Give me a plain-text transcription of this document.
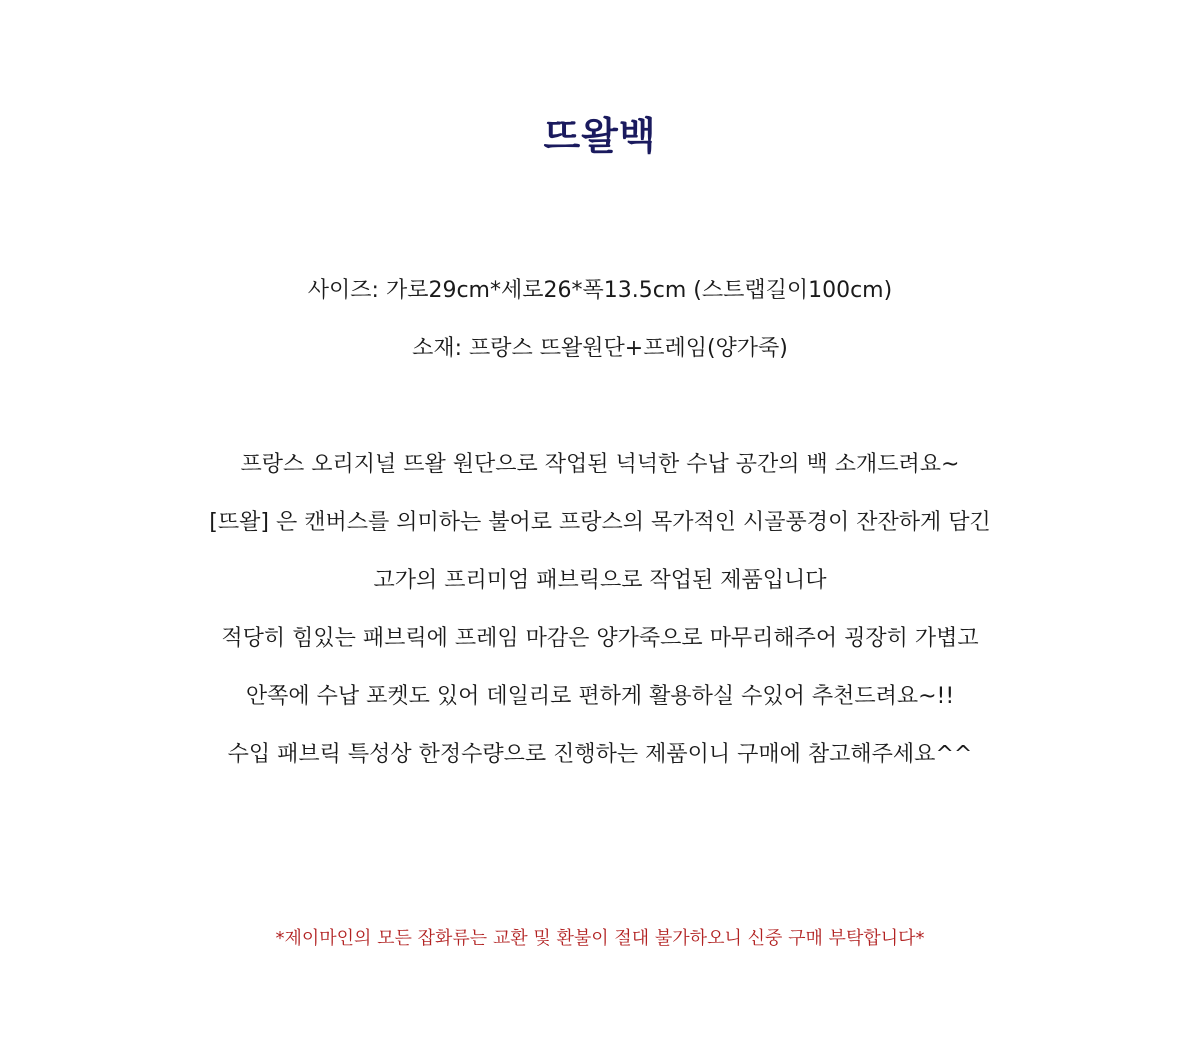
뜨왈백

사이즈: 가로29cm*세로26*폭13.5cm (스트랩길이100cm)

소재: 프랑스 뜨왈원단+프레임(양가죽)

프랑스 오리지널 뜨왈 원단으로 작업된 넉넉한 수납 공간의 백 소개드려요~

[뜨왈] 은 캔버스를 의미하는 불어로 프랑스의 목가적인 시골풍경이 잔잔하게 담긴

고가의 프리미엄 패브릭으로 작업된 제품입니다

적당히 힘있는 패브릭에 프레임 마감은 양가죽으로 마무리해주어 굉장히 가볍고

안쪽에 수납 포켓도 있어 데일리로 편하게 활용하실 수있어 추천드려요~!!

수입 패브릭 특성상 한정수량으로 진행하는 제품이니 구매에 참고해주세요^^

*제이마인의 모든 잡화류는 교환 및 환불이 절대 불가하오니 신중 구매 부탁합니다*
